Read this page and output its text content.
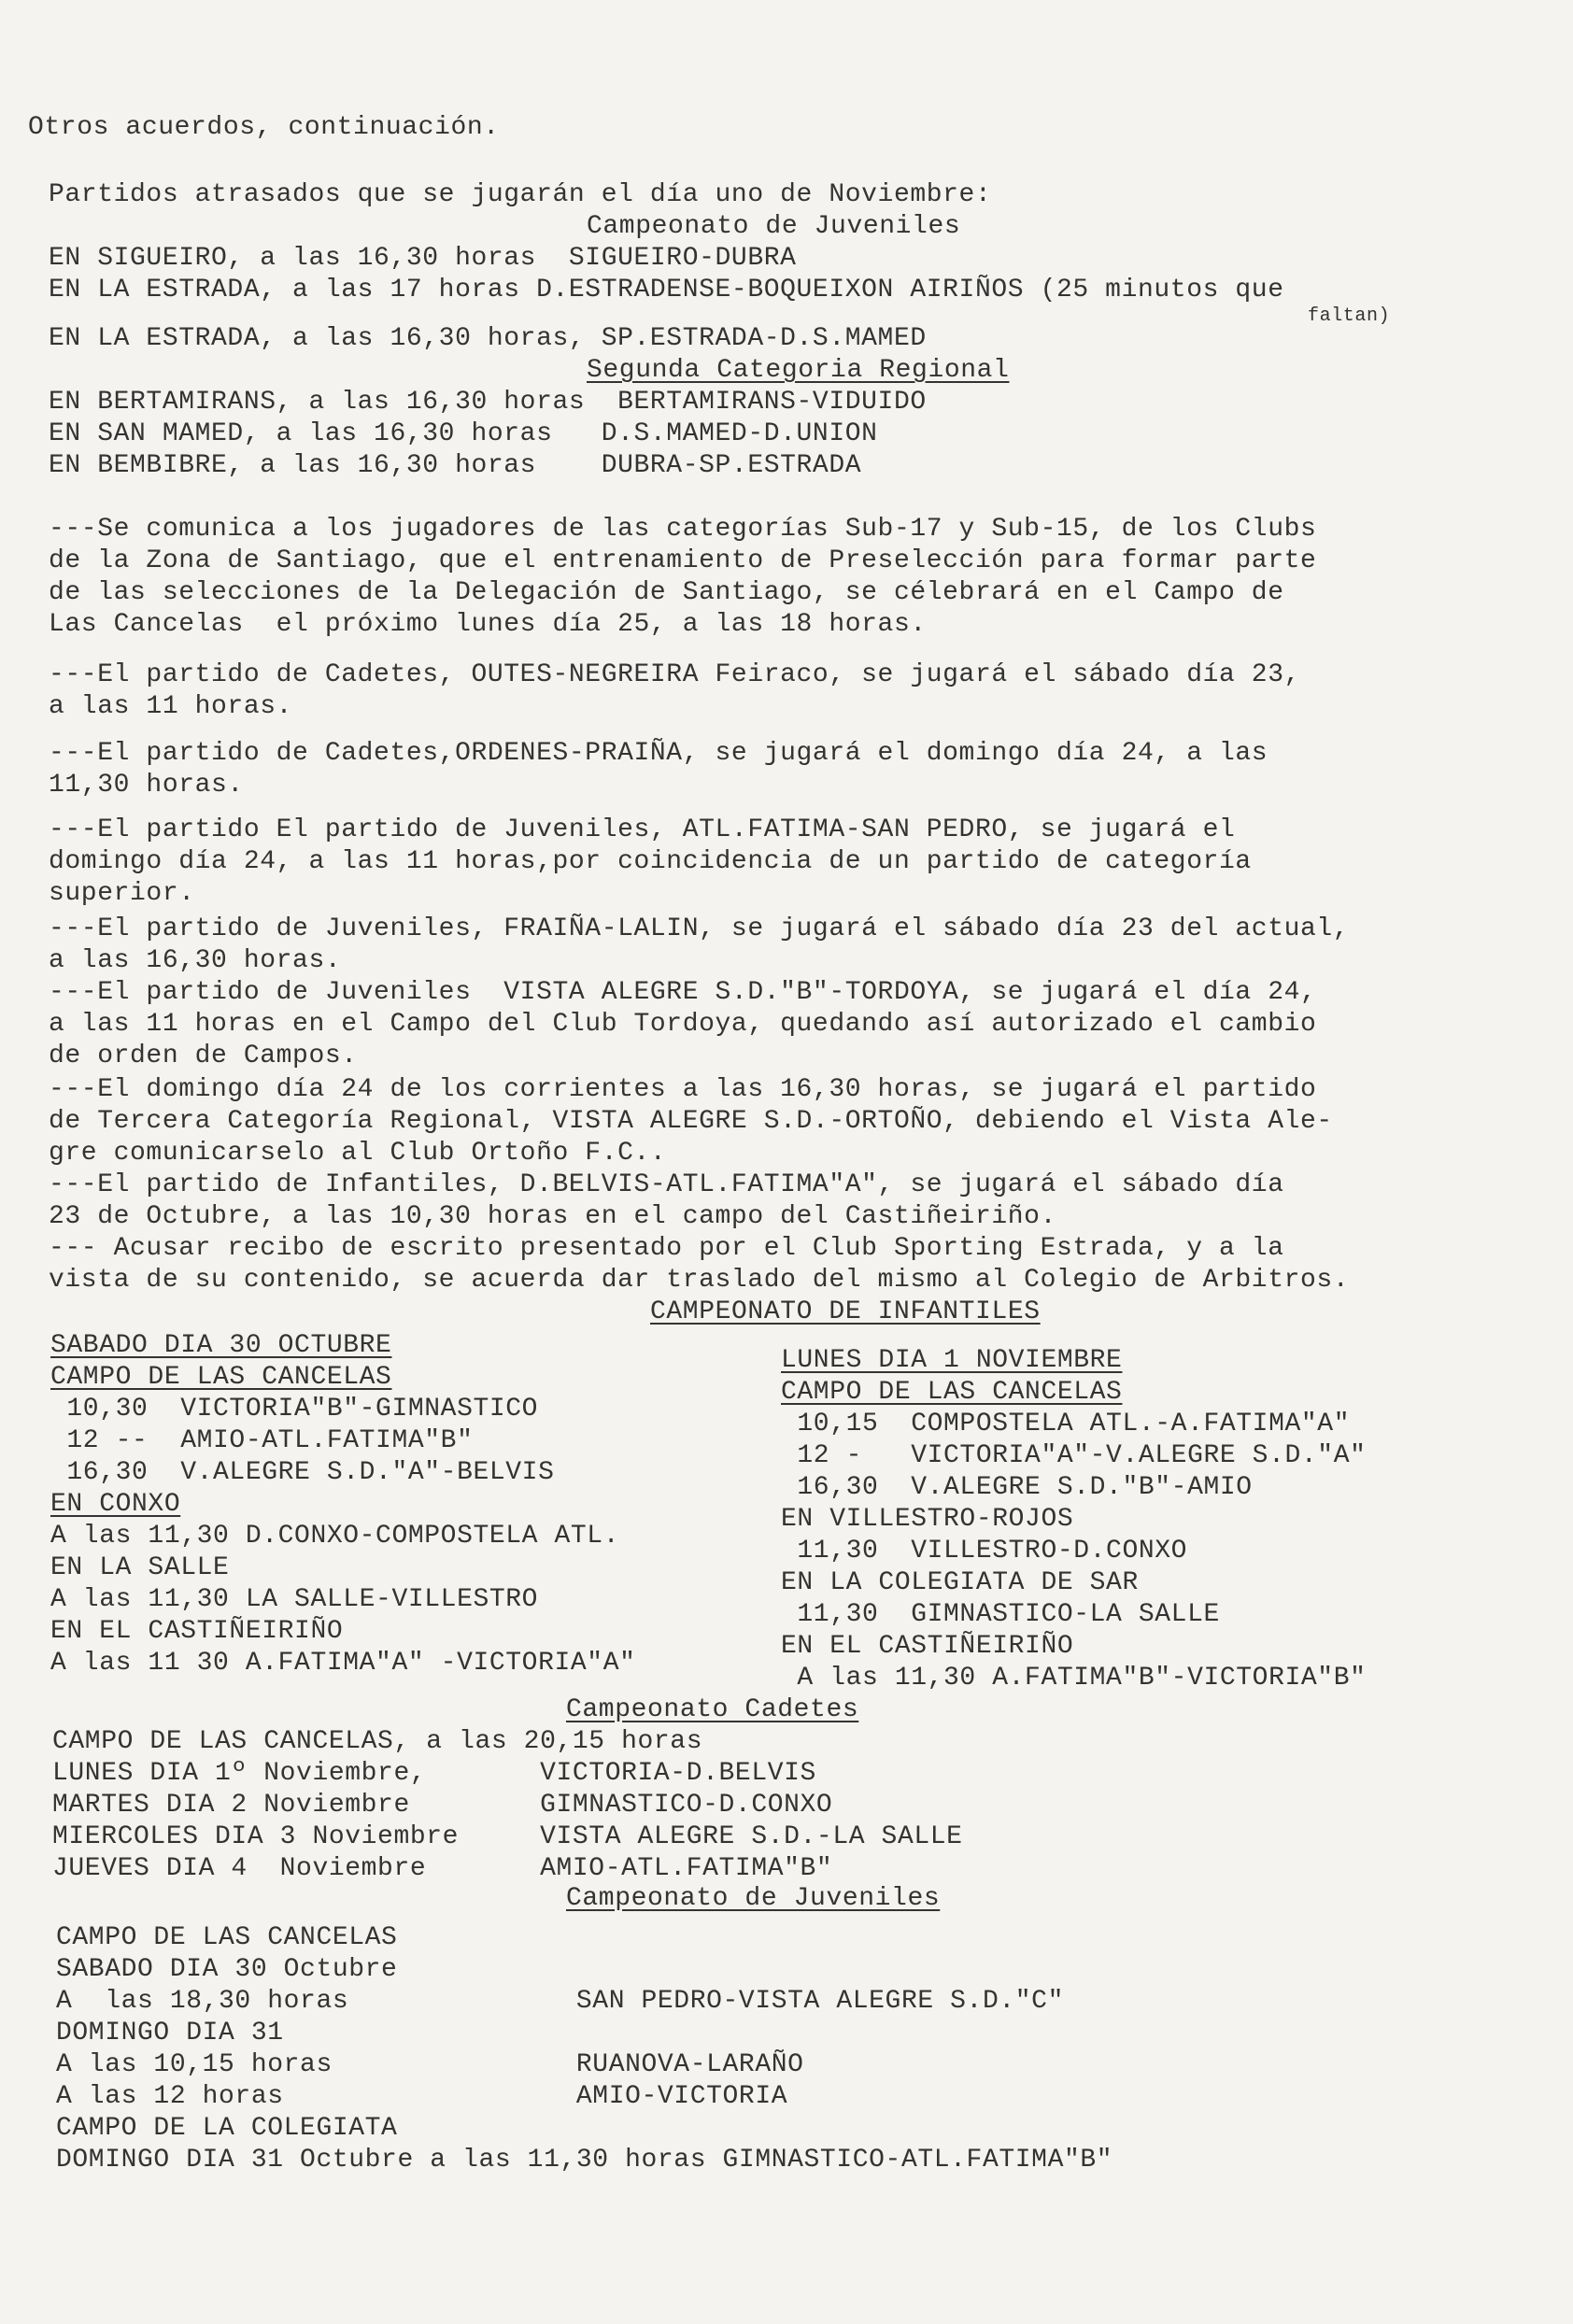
Otros acuerdos, continuación.
Partidos atrasados que se jugarán el día uno de Noviembre:
Campeonato de Juveniles
EN SIGUEIRO, a las 16,30 horas  SIGUEIRO-DUBRA
EN LA ESTRADA, a las 17 horas D.ESTRADENSE-BOQUEIXON AIRIÑOS (25 minutos que
faltan)
EN LA ESTRADA, a las 16,30 horas, SP.ESTRADA-D.S.MAMED
Segunda Categoria Regional
EN BERTAMIRANS, a las 16,30 horas  BERTAMIRANS-VIDUIDO
EN SAN MAMED, a las 16,30 horas   D.S.MAMED-D.UNION
EN BEMBIBRE, a las 16,30 horas    DUBRA-SP.ESTRADA
---Se comunica a los jugadores de las categorías Sub-17 y Sub-15, de los Clubs
de la Zona de Santiago, que el entrenamiento de Preselección para formar parte
de las selecciones de la Delegación de Santiago, se célebrará en el Campo de
Las Cancelas  el próximo lunes día 25, a las 18 horas.
---El partido de Cadetes, OUTES-NEGREIRA Feiraco, se jugará el sábado día 23,
a las 11 horas.
---El partido de Cadetes,ORDENES-PRAIÑA, se jugará el domingo día 24, a las
11,30 horas.
---El partido El partido de Juveniles, ATL.FATIMA-SAN PEDRO, se jugará el
domingo día 24, a las 11 horas,por coincidencia de un partido de categoría
superior.
---El partido de Juveniles, FRAIÑA-LALIN, se jugará el sábado día 23 del actual,
a las 16,30 horas.
---El partido de Juveniles  VISTA ALEGRE S.D."B"-TORDOYA, se jugará el día 24,
a las 11 horas en el Campo del Club Tordoya, quedando así autorizado el cambio
de orden de Campos.
---El domingo día 24 de los corrientes a las 16,30 horas, se jugará el partido
de Tercera Categoría Regional, VISTA ALEGRE S.D.-ORTOÑO, debiendo el Vista Ale-
gre comunicarselo al Club Ortoño F.C..
---El partido de Infantiles, D.BELVIS-ATL.FATIMA"A", se jugará el sábado día
23 de Octubre, a las 10,30 horas en el campo del Castiñeiriño.
--- Acusar recibo de escrito presentado por el Club Sporting Estrada, y a la
vista de su contenido, se acuerda dar traslado del mismo al Colegio de Arbitros.
CAMPEONATO DE INFANTILES
SABADO DIA 30 OCTUBRE
CAMPO DE LAS CANCELAS
10,30  VICTORIA"B"-GIMNASTICO
12 --  AMIO-ATL.FATIMA"B"
16,30  V.ALEGRE S.D."A"-BELVIS
EN CONXO
A las 11,30 D.CONXO-COMPOSTELA ATL.
EN LA SALLE
A las 11,30 LA SALLE-VILLESTRO
EN EL CASTIÑEIRIÑO
A las 11 30 A.FATIMA"A" -VICTORIA"A"
LUNES DIA 1 NOVIEMBRE
CAMPO DE LAS CANCELAS
10,15  COMPOSTELA ATL.-A.FATIMA"A"
12 -   VICTORIA"A"-V.ALEGRE S.D."A"
16,30  V.ALEGRE S.D."B"-AMIO
EN VILLESTRO-ROJOS
11,30  VILLESTRO-D.CONXO
EN LA COLEGIATA DE SAR
11,30  GIMNASTICO-LA SALLE
EN EL CASTIÑEIRIÑO
A las 11,30 A.FATIMA"B"-VICTORIA"B"
Campeonato Cadetes
CAMPO DE LAS CANCELAS, a las 20,15 horas
LUNES DIA 1º Noviembre,       VICTORIA-D.BELVIS
MARTES DIA 2 Noviembre        GIMNASTICO-D.CONXO
MIERCOLES DIA 3 Noviembre     VISTA ALEGRE S.D.-LA SALLE
JUEVES DIA 4  Noviembre       AMIO-ATL.FATIMA"B"
Campeonato de Juveniles
CAMPO DE LAS CANCELAS
SABADO DIA 30 Octubre
A  las 18,30 horas              SAN PEDRO-VISTA ALEGRE S.D."C"
DOMINGO DIA 31
A las 10,15 horas               RUANOVA-LARAÑO
A las 12 horas                  AMIO-VICTORIA
CAMPO DE LA COLEGIATA
DOMINGO DIA 31 Octubre a las 11,30 horas GIMNASTICO-ATL.FATIMA"B"
